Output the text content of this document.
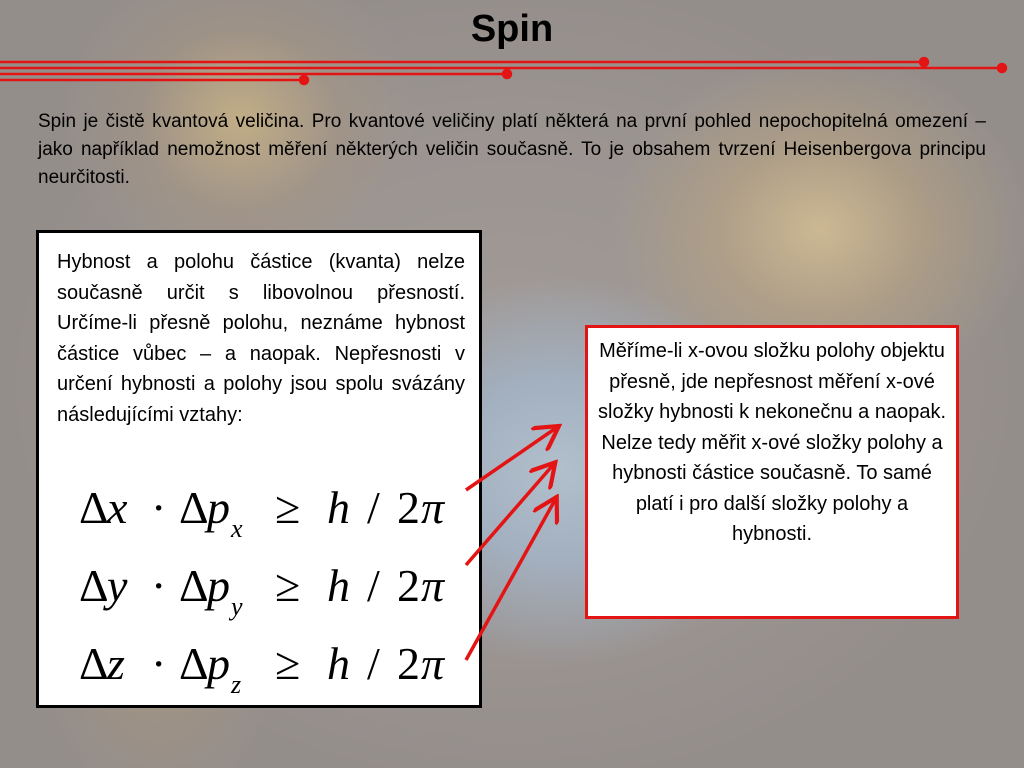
Spin
Spin je čistě kvantová veličina. Pro kvantové veličiny platí některá na první pohled nepochopitelná omezení – jako například nemožnost měření některých veličin současně. To je obsahem tvrzení Heisenbergova principu neurčitosti.
Hybnost a polohu částice (kvanta) nelze současně určit s libovolnou přesností. Určíme-li přesně polohu, neznáme hybnost částice vůbec – a naopak. Nepřesnosti v určení hybnosti a polohy jsou spolu svázány následujícími vztahy:
Δ
x · Δ
p $_x$ ≥ h / 2 π
Δ
y · Δ
p $_y$ ≥ h / 2 π
Δ
z · Δ
p $_z$ ≥ h / 2 π
Měříme-li x-ovou složku polohy objektu přesně, jde nepřesnost měření x-ové složky hybnosti k nekonečnu a naopak. Nelze tedy měřit x-ové složky polohy a hybnosti částice současně. To samé platí i pro další složky polohy a hybnosti.
